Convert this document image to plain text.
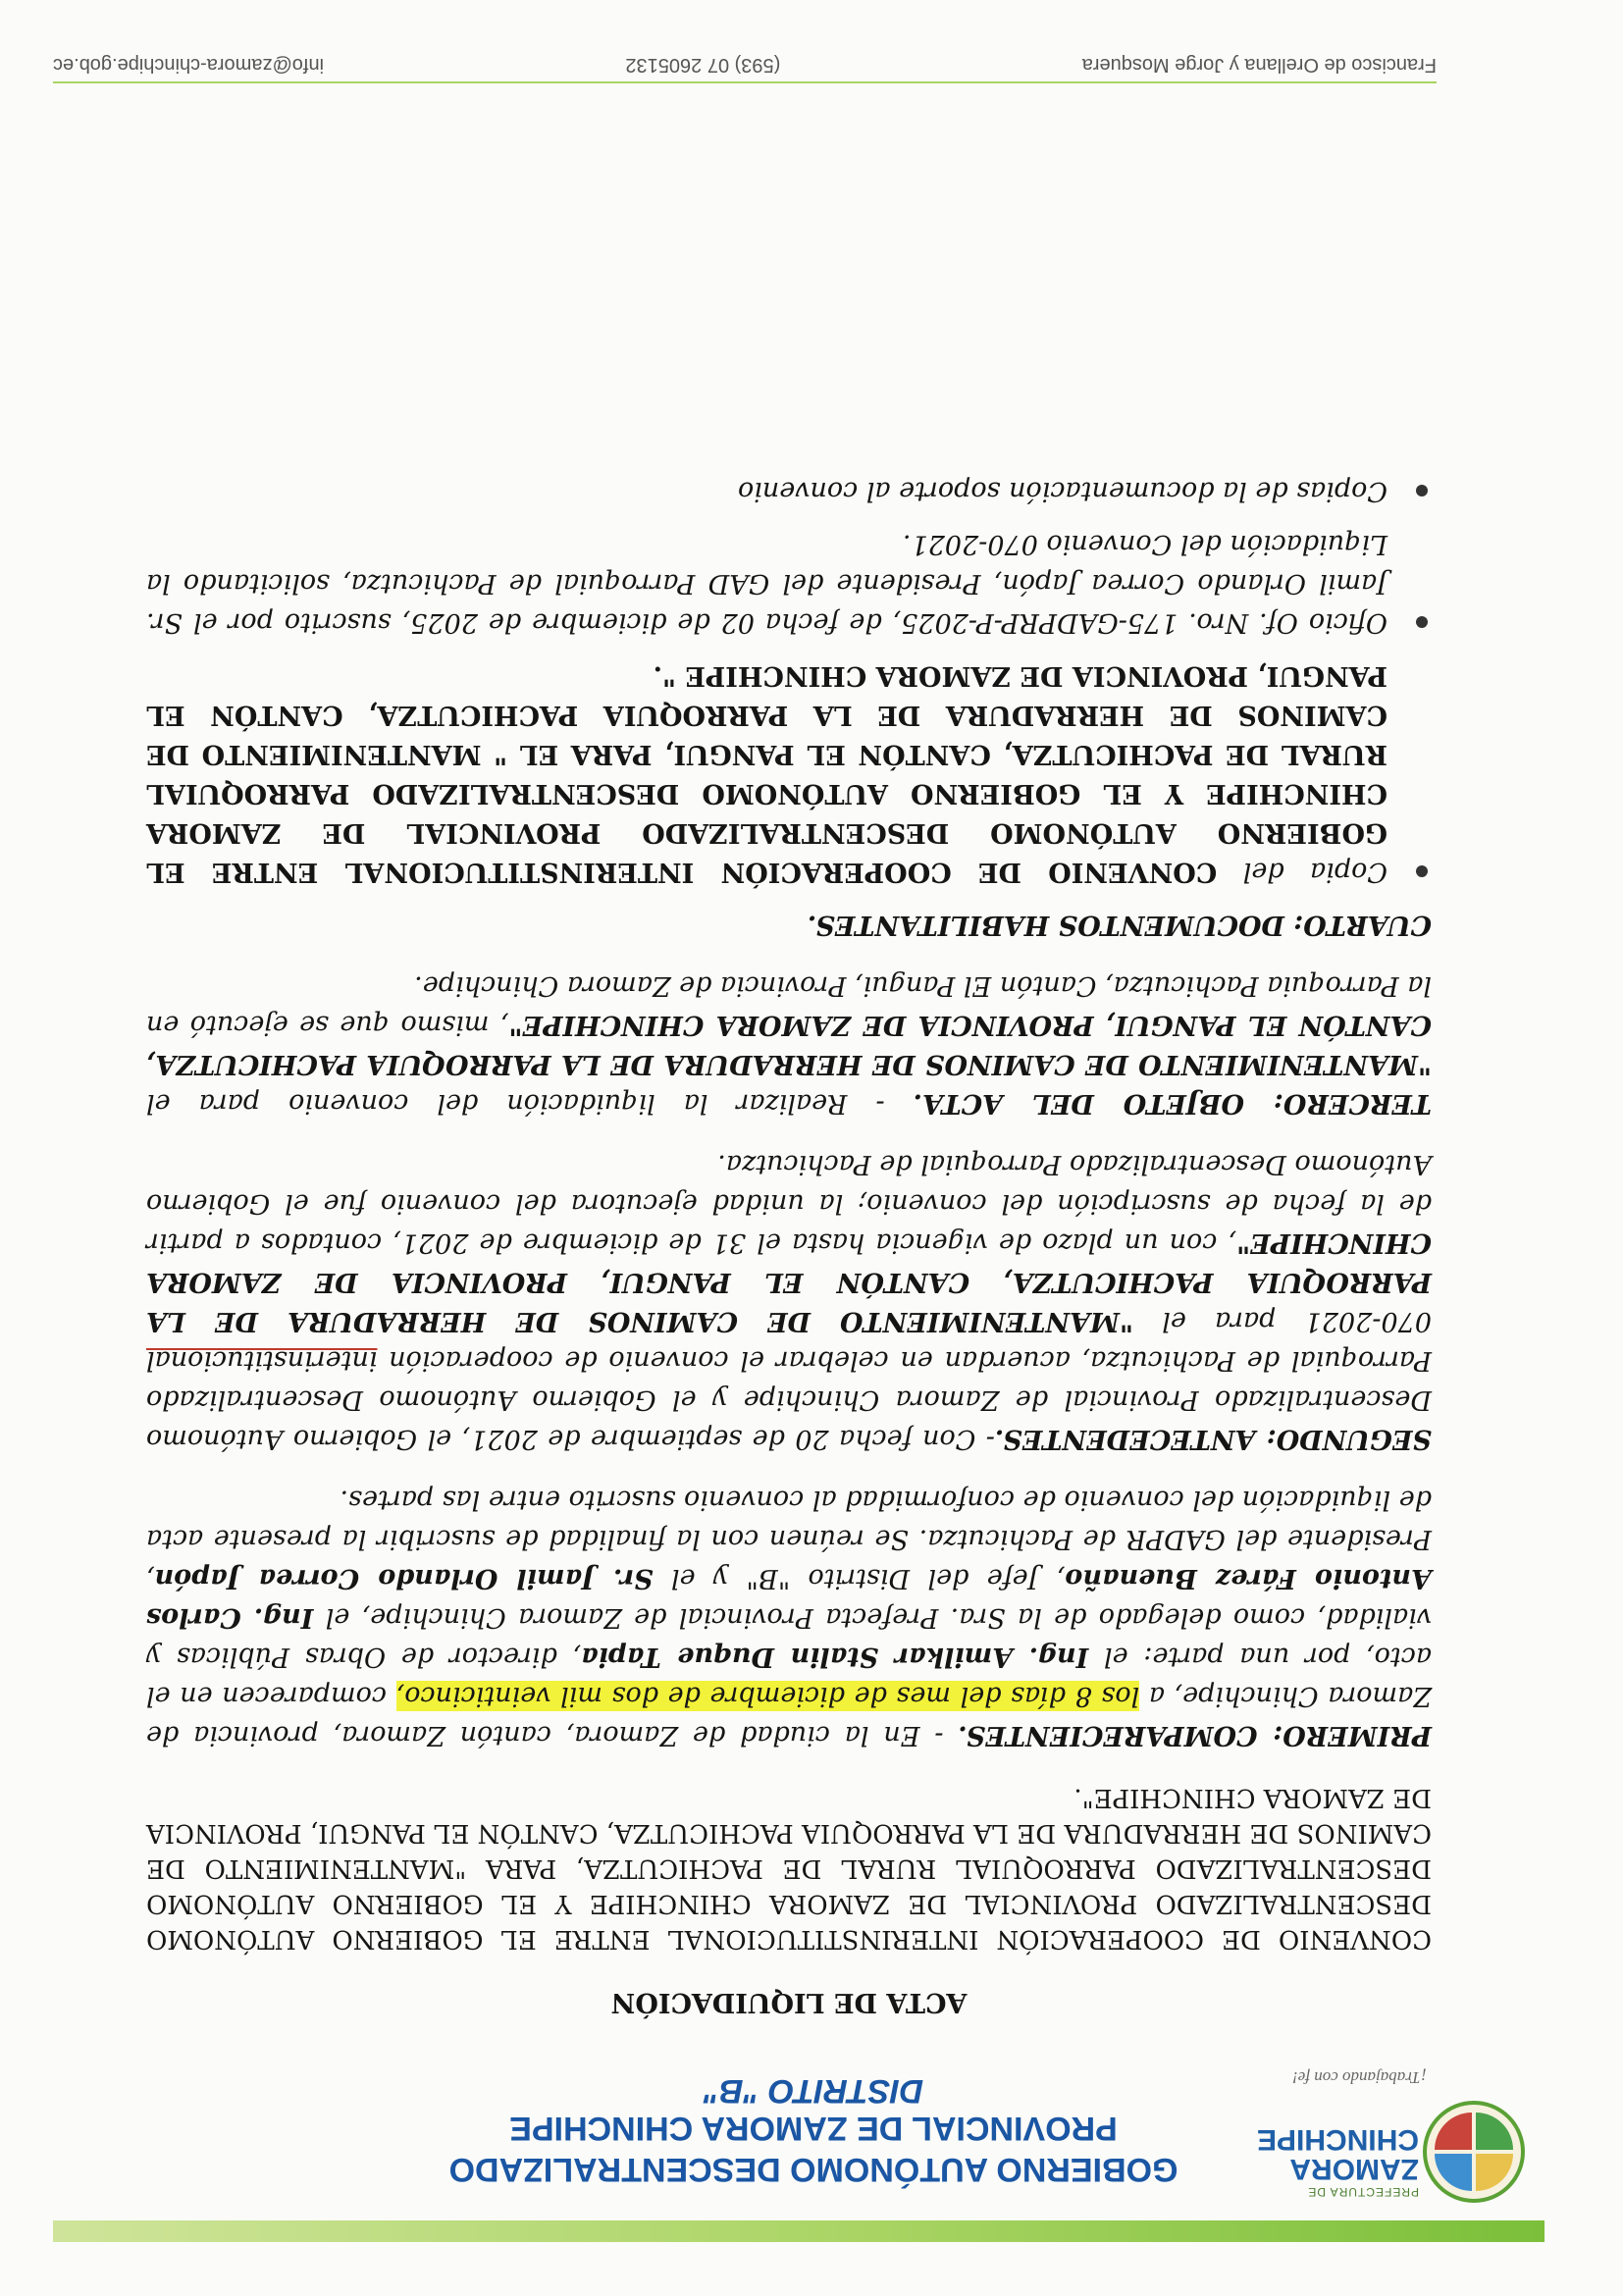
PREFECTURA DE
ZAMORA CHINCHIPE
¡Trabajando con fe!
GOBIERNO AUTÓNOMO DESCENTRALIZADO PROVINCIAL DE ZAMORA CHINCHIPE
DISTRITO "B"
ACTA DE LIQUIDACIÓN
CONVENIO DE COOPERACIÓN INTERINSTITUCIONAL ENTRE EL GOBIERNO AUTÓNOMO DESCENTRALIZADO PROVINCIAL DE ZAMORA CHINCHIPE Y EL GOBIERNO AUTÓNOMO DESCENTRALIZADO PARROQUIAL RURAL DE PACHICUTZA, PARA "MANTENIMIENTO DE CAMINOS DE HERRADURA DE LA PARROQUIA PACHICUTZA, CANTÓN EL PANGUI, PROVINCIA DE ZAMORA CHINCHIPE".

PRIMERO: COMPARECIENTES. - En la ciudad de Zamora, cantón Zamora, provincia de Zamora Chinchipe, a los 8 días del mes de diciembre de dos mil veinticinco, comparecen en el acto, por una parte: el Ing. Amilkar Stalin Duque Tapia, director de Obras Públicas y vialidad, como delegado de la Sra. Prefecta Provincial de Zamora Chinchipe, el Ing. Carlos Antonio Fárez Buenaño, Jefe del Distrito "B" y el Sr. Jamil Orlando Correa Japón, Presidente del GADPR de Pachicutza. Se reúnen con la finalidad de suscribir la presente acta de liquidación del convenio de conformidad al convenio suscrito entre las partes.

SEGUNDO: ANTECEDENTES.- Con fecha 20 de septiembre de 2021, el Gobierno Autónomo Descentralizado Provincial de Zamora Chinchipe y el Gobierno Autónomo Descentralizado Parroquial de Pachicutza, acuerdan en celebrar el convenio de cooperación interinstitucional 070-2021 para el "MANTENIMIENTO DE CAMINOS DE HERRADURA DE LA PARROQUIA PACHICUTZA, CANTÓN EL PANGUI, PROVINCIA DE ZAMORA CHINCHIPE", con un plazo de vigencia hasta el 31 de diciembre de 2021, contados a partir de la fecha de suscripción del convenio; la unidad ejecutora del convenio fue el Gobierno Autónomo Descentralizado Parroquial de Pachicutza.

TERCERO: OBJETO DEL ACTA. - Realizar la liquidación del convenio para el "MANTENIMIENTO DE CAMINOS DE HERRADURA DE LA PARROQUIA PACHICUTZA, CANTÓN EL PANGUI, PROVINCIA DE ZAMORA CHINCHIPE", mismo que se ejecutó en la Parroquia Pachicutza, Cantón El Pangui, Provincia de Zamora Chinchipe.

CUARTO: DOCUMENTOS HABILITANTES.
Copia del CONVENIO DE COOPERACIÓN INTERINSTITUCIONAL ENTRE EL GOBIERNO AUTÓNOMO DESCENTRALIZADO PROVINCIAL DE ZAMORA CHINCHIPE Y EL GOBIERNO AUTÓNOMO DESCENTRALIZADO PARROQUIAL RURAL DE PACHICUTZA, CANTÓN EL PANGUI, PARA EL " MANTENIMIENTO DE CAMINOS DE HERRADURA DE LA PARROQUIA PACHICUTZA, CANTÓN EL PANGUI, PROVINCIA DE ZAMORA CHINCHIPE ".
Oficio Of. Nro. 175-GADPRP-P-2025, de fecha 02 de diciembre de 2025, suscrito por el Sr. Jamil Orlando Correa Japón, Presidente del GAD Parroquial de Pachicutza, solicitando la Liquidación del Convenio 070-2021.
Copias de la documentación soporte al convenio
Francisco de Orellana y Jorge Mosquera
(593) 07 2605132
info@zamora-chinchipe.gob.ec
